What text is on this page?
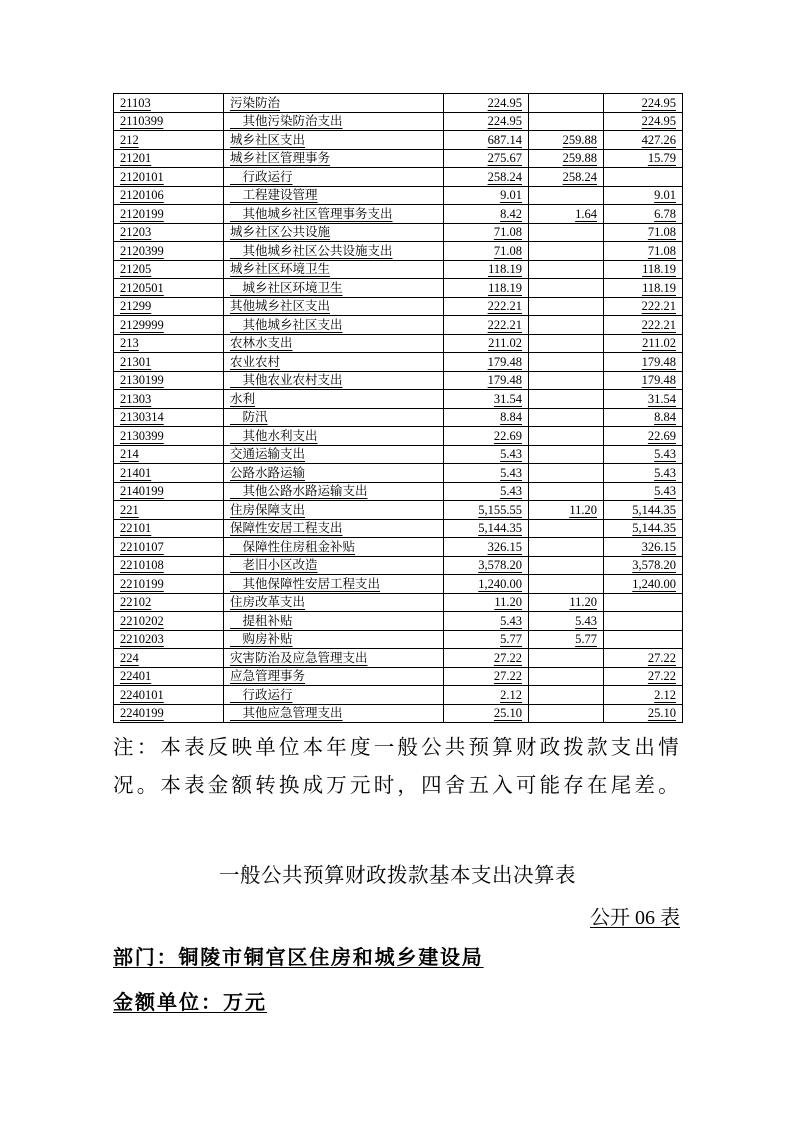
21103	污染防治	224.95		224.95
2110399	　其他污染防治支出	224.95		224.95
212	城乡社区支出	687.14	259.88	427.26
21201	城乡社区管理事务	275.67	259.88	15.79
2120101	　行政运行	258.24	258.24	
2120106	　工程建设管理	9.01		9.01
2120199	　其他城乡社区管理事务支出	8.42	1.64	6.78
21203	城乡社区公共设施	71.08		71.08
2120399	　其他城乡社区公共设施支出	71.08		71.08
21205	城乡社区环境卫生	118.19		118.19
2120501	　城乡社区环境卫生	118.19		118.19
21299	其他城乡社区支出	222.21		222.21
2129999	　其他城乡社区支出	222.21		222.21
213	农林水支出	211.02		211.02
21301	农业农村	179.48		179.48
2130199	　其他农业农村支出	179.48		179.48
21303	水利	31.54		31.54
2130314	　防汛	8.84		8.84
2130399	　其他水利支出	22.69		22.69
214	交通运输支出	5.43		5.43
21401	公路水路运输	5.43		5.43
2140199	　其他公路水路运输支出	5.43		5.43
221	住房保障支出	5,155.55	11.20	5,144.35
22101	保障性安居工程支出	5,144.35		5,144.35
2210107	　保障性住房租金补贴	326.15		326.15
2210108	　老旧小区改造	3,578.20		3,578.20
2210199	　其他保障性安居工程支出	1,240.00		1,240.00
22102	住房改革支出	11.20	11.20	
2210202	　提租补贴	5.43	5.43	
2210203	　购房补贴	5.77	5.77	
224	灾害防治及应急管理支出	27.22		27.22
22401	应急管理事务	27.22		27.22
2240101	　行政运行	2.12		2.12
2240199	　其他应急管理支出	25.10		25.10

注：本表反映单位本年度一般公共预算财政拨款支出情况。本表金额转换成万元时，四舍五入可能存在尾差。

一般公共预算财政拨款基本支出决算表
公开 06 表
部门：铜陵市铜官区住房和城乡建设局
金额单位：万元
